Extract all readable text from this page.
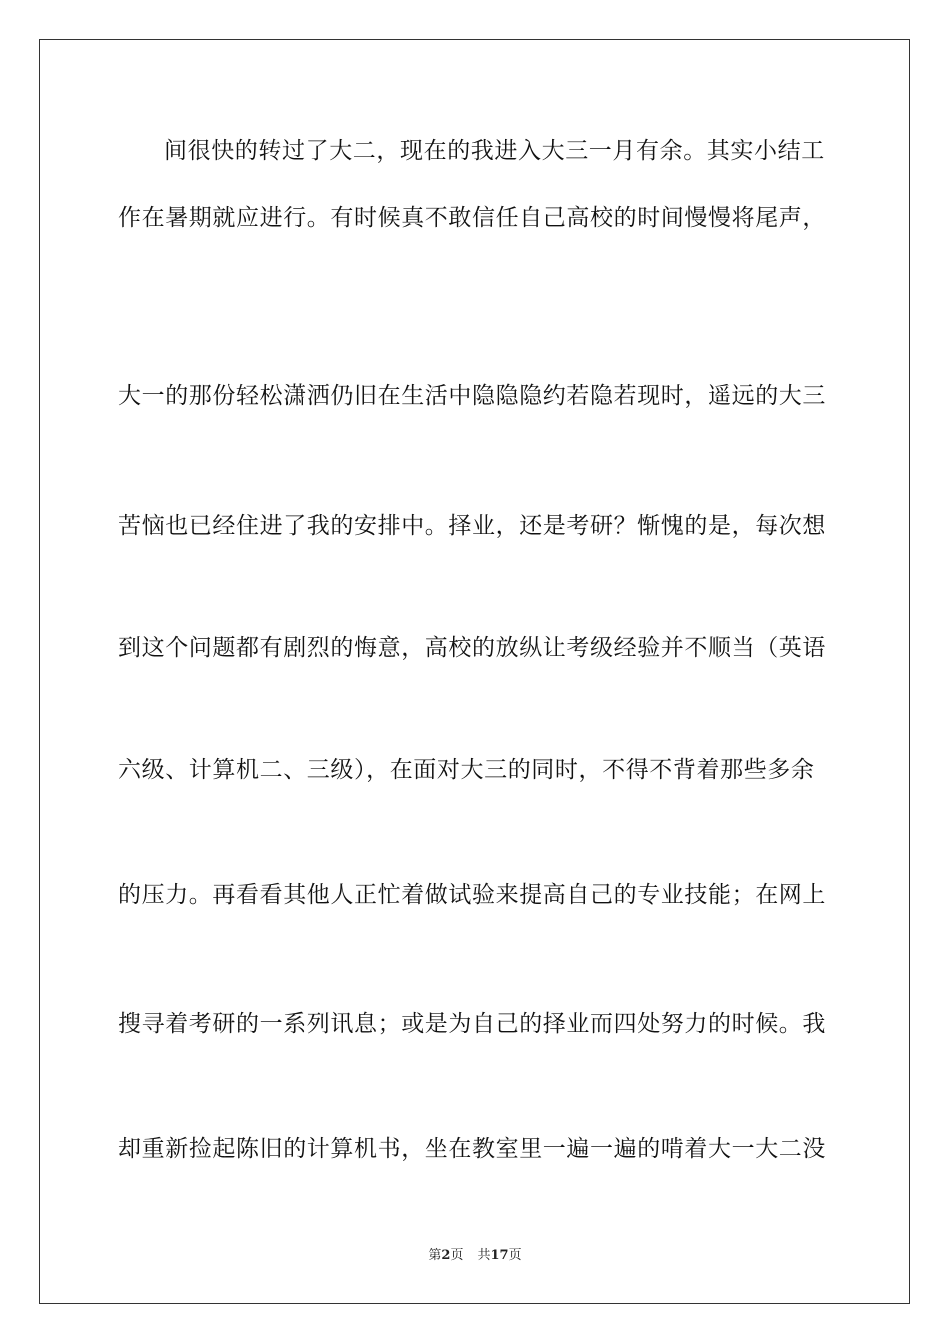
间很快的转过了大二，现在的我进入大三一月有余。其实小结工
作在暑期就应进行。有时候真不敢信任自己高校的时间慢慢将尾声，
大一的那份轻松潇洒仍旧在生活中隐隐隐约若隐若现时，遥远的大三
苦恼也已经住进了我的安排中。择业，还是考研？惭愧的是，每次想
到这个问题都有剧烈的悔意，高校的放纵让考级经验并不顺当（英语
六级、计算机二、三级），在面对大三的同时，不得不背着那些多余
的压力。再看看其他人正忙着做试验来提高自己的专业技能；在网上
搜寻着考研的一系列讯息；或是为自己的择业而四处努力的时候。我
却重新捡起陈旧的计算机书，坐在教室里一遍一遍的啃着大一大二没
第2页 共17页
